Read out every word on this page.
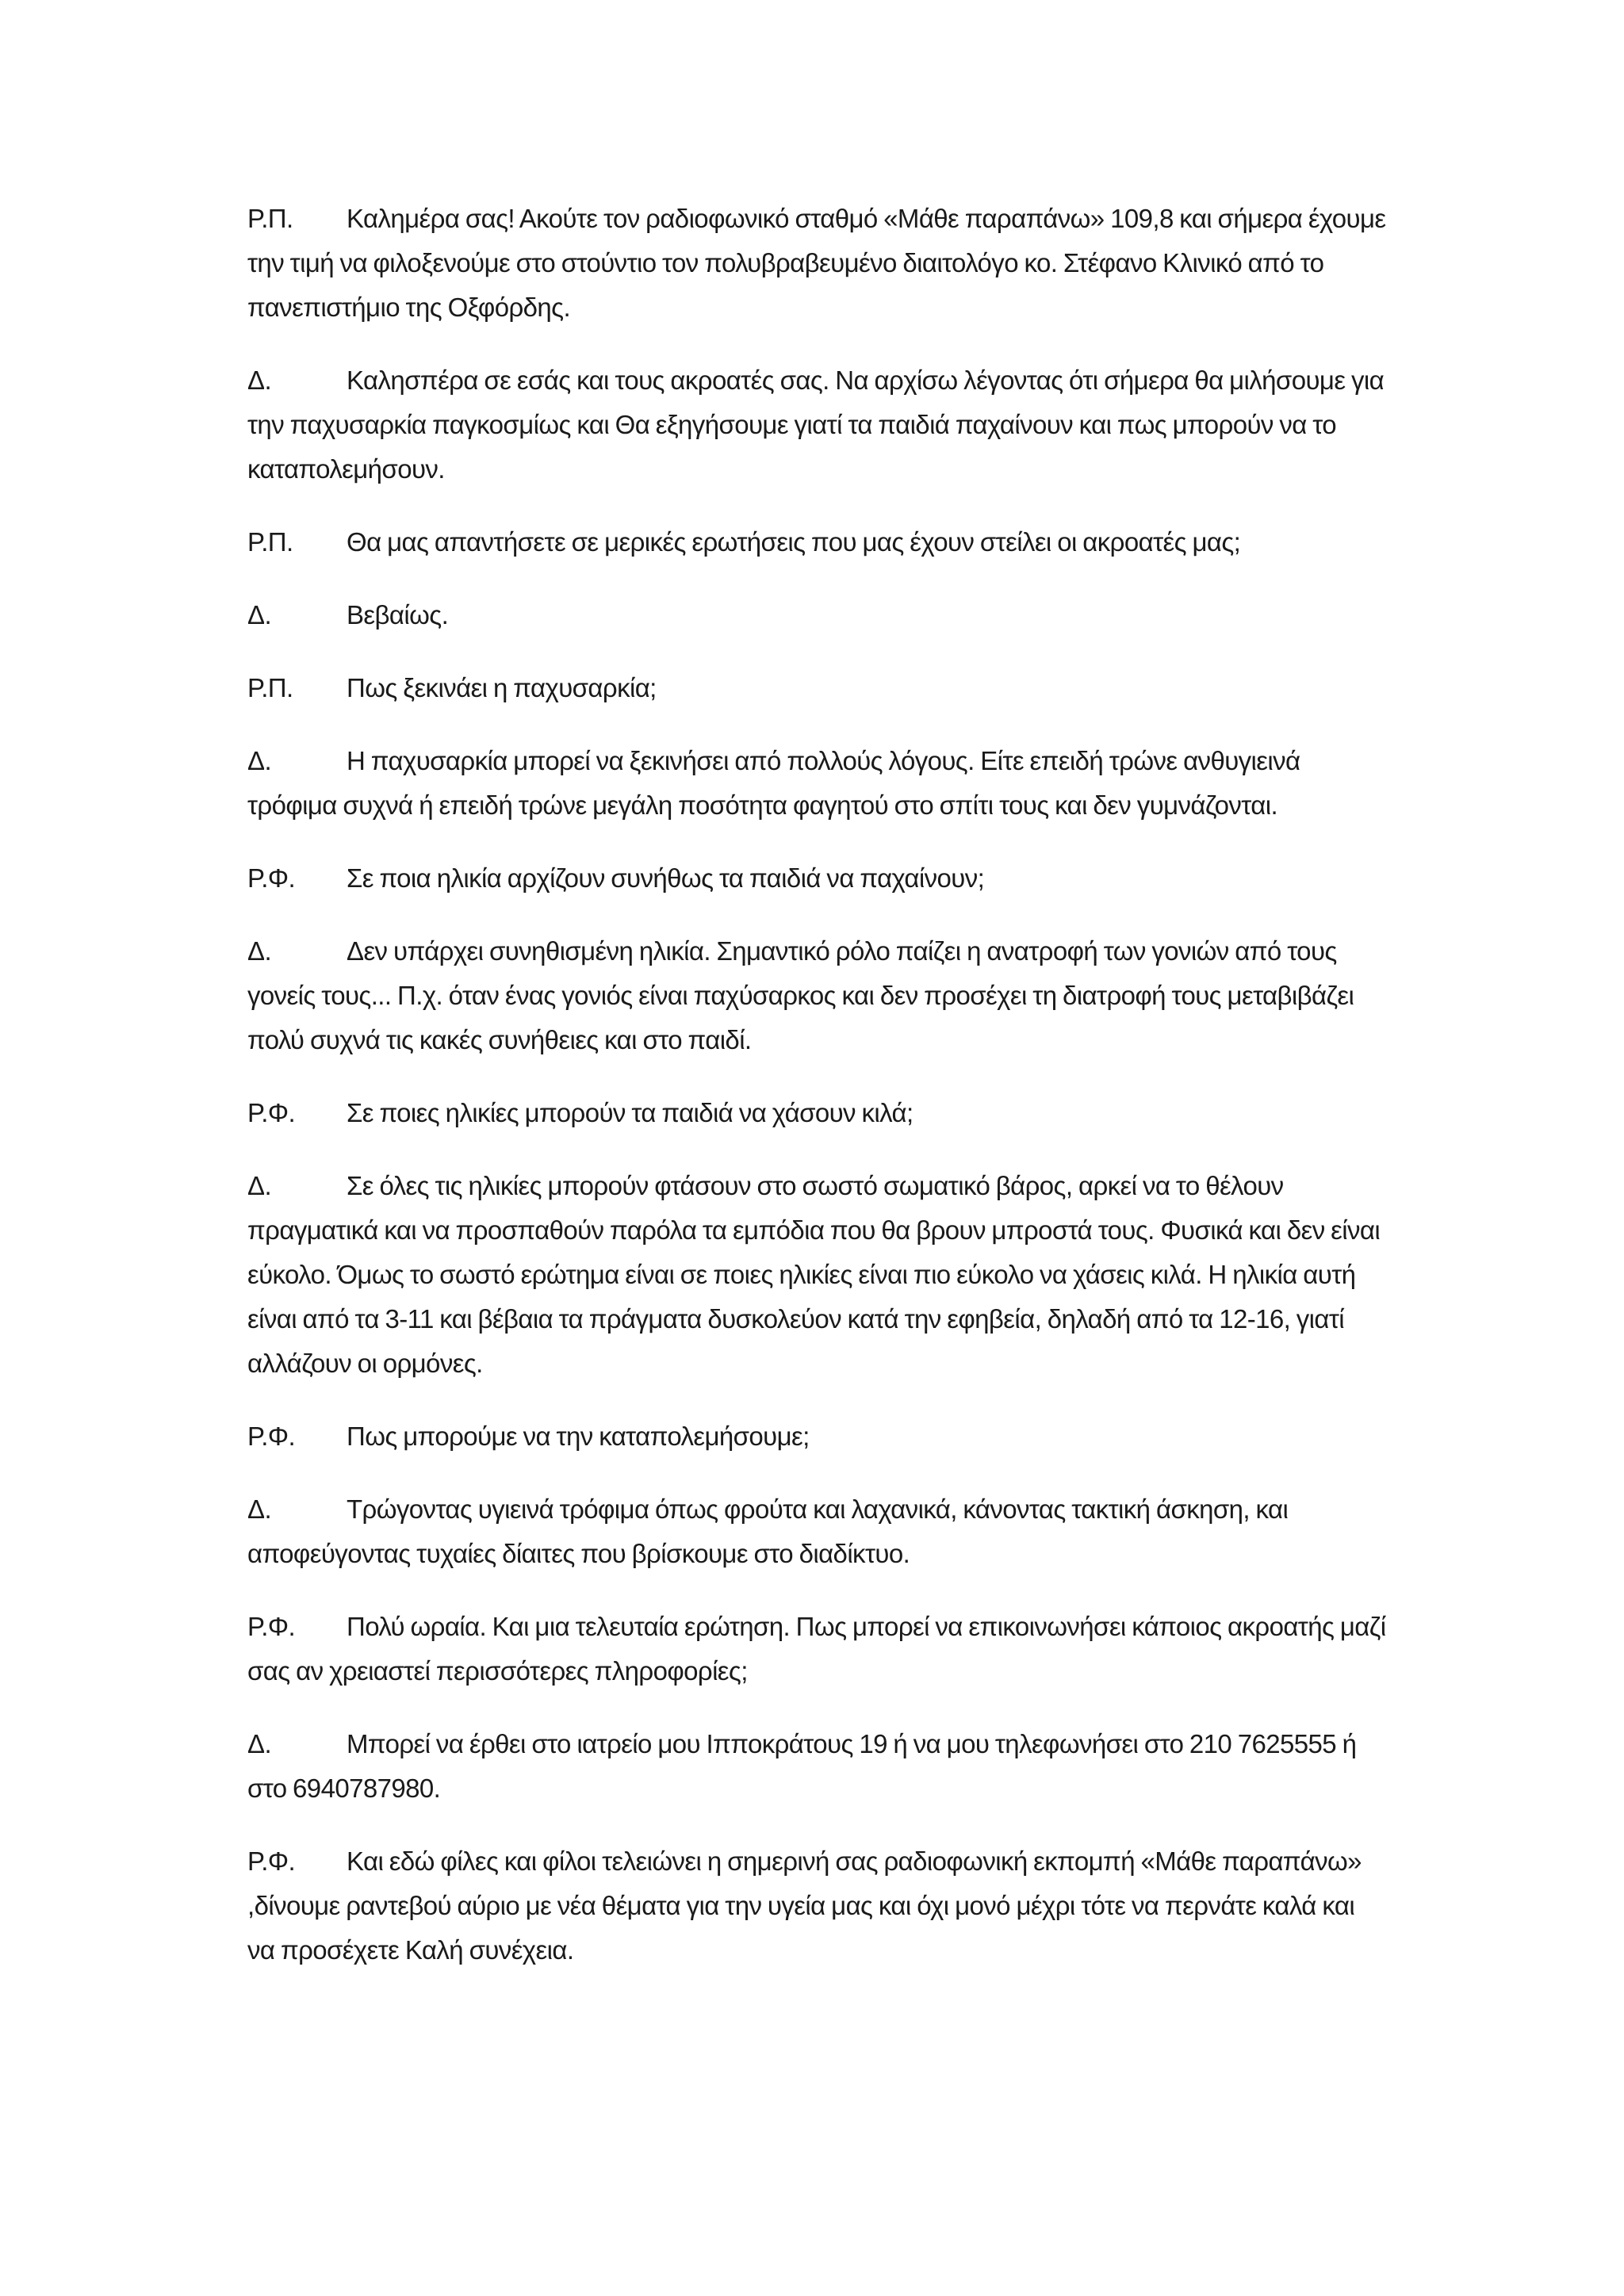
Ρ.Π. Καλημέρα σας! Ακούτε τον ραδιοφωνικό σταθμό «Μάθε παραπάνω» 109,8 και σήμερα έχουμε την τιμή να φιλοξενούμε στο στούντιο τον πολυβραβευμένο διαιτολόγο κο. Στέφανο Κλινικό από το πανεπιστήμιο της Οξφόρδης.

Δ.	Καλησπέρα σε εσάς και τους ακροατές σας. Να αρχίσω λέγοντας ότι σήμερα θα μιλήσουμε για την παχυσαρκία παγκοσμίως και Θα εξηγήσουμε γιατί τα παιδιά παχαίνουν και πως μπορούν να το καταπολεμήσουν.

Ρ.Π. Θα μας απαντήσετε σε μερικές ερωτήσεις που μας έχουν στείλει οι ακροατές μας;

Δ.	Βεβαίως.

Ρ.Π. Πως ξεκινάει η παχυσαρκία;

Δ.	Η παχυσαρκία μπορεί να ξεκινήσει από πολλούς λόγους. Είτε επειδή τρώνε ανθυγιεινά τρόφιμα συχνά ή επειδή τρώνε μεγάλη ποσότητα φαγητού στο σπίτι τους και δεν γυμνάζονται.

Ρ.Φ. Σε ποια ηλικία αρχίζουν συνήθως τα παιδιά να παχαίνουν;

Δ.	Δεν υπάρχει συνηθισμένη ηλικία. Σημαντικό ρόλο παίζει η ανατροφή των γονιών από τους γονείς τους... Π.χ. όταν ένας γονιός είναι παχύσαρκος και δεν προσέχει τη διατροφή τους μεταβιβάζει πολύ συχνά τις κακές συνήθειες και στο παιδί.

Ρ.Φ. Σε ποιες ηλικίες μπορούν τα παιδιά να χάσουν κιλά;

Δ.	Σε όλες τις ηλικίες μπορούν φτάσουν στο σωστό σωματικό βάρος, αρκεί να το θέλουν πραγματικά και να προσπαθούν παρόλα τα εμπόδια που θα βρουν μπροστά τους. Φυσικά και δεν είναι εύκολο. Όμως το σωστό ερώτημα είναι σε ποιες ηλικίες είναι πιο εύκολο να χάσεις κιλά. Η ηλικία αυτή είναι από τα 3-11 και βέβαια τα πράγματα δυσκολεύον κατά την εφηβεία, δηλαδή από τα 12-16, γιατί αλλάζουν οι ορμόνες.

Ρ.Φ. Πως μπορούμε να την καταπολεμήσουμε;

Δ.	Τρώγοντας υγιεινά τρόφιμα όπως φρούτα και λαχανικά, κάνοντας τακτική άσκηση, και αποφεύγοντας τυχαίες δίαιτες που βρίσκουμε στο διαδίκτυο.

Ρ.Φ. Πολύ ωραία. Και μια τελευταία ερώτηση. Πως μπορεί να επικοινωνήσει κάποιος ακροατής μαζί σας αν χρειαστεί περισσότερες πληροφορίες;

Δ.	Μπορεί να έρθει στο ιατρείο μου Ιπποκράτους 19 ή να μου τηλεφωνήσει στο 210 7625555 ή στο 6940787980.

Ρ.Φ. Και εδώ φίλες και φίλοι τελειώνει η σημερινή σας ραδιοφωνική εκπομπή «Μάθε παραπάνω» ,δίνουμε ραντεβού αύριο με νέα θέματα για την υγεία μας και όχι μονό μέχρι τότε να περνάτε καλά και να προσέχετε Καλή συνέχεια.
